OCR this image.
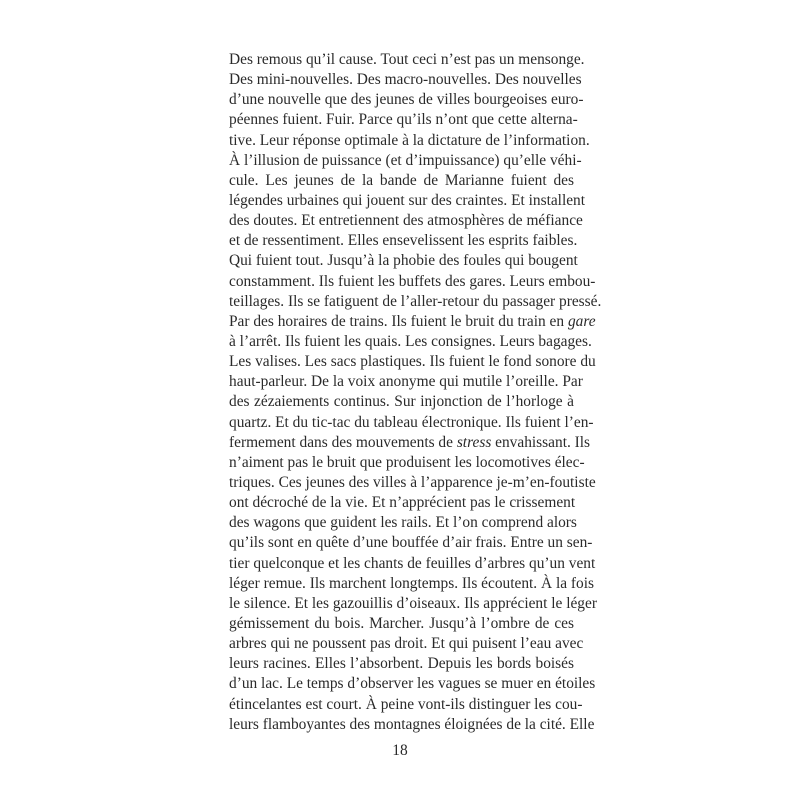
Des remous qu’il cause. Tout ceci n’est pas un mensonge.
Des mini-nouvelles. Des macro-nouvelles. Des nouvelles
d’une nouvelle que des jeunes de villes bourgeoises euro-
péennes fuient. Fuir. Parce qu’ils n’ont que cette alterna-
tive. Leur réponse optimale à la dictature de l’information.
À l’illusion de puissance (et d’impuissance) qu’elle véhi-
cule. Les jeunes de la bande de Marianne fuient des
légendes urbaines qui jouent sur des craintes. Et installent
des doutes. Et entretiennent des atmosphères de méfiance
et de ressentiment. Elles ensevelissent les esprits faibles.
Qui fuient tout. Jusqu’à la phobie des foules qui bougent
constamment. Ils fuient les buffets des gares. Leurs embou-
teillages. Ils se fatiguent de l’aller-retour du passager pressé.
Par des horaires de trains. Ils fuient le bruit du train en gare
à l’arrêt. Ils fuient les quais. Les consignes. Leurs bagages.
Les valises. Les sacs plastiques. Ils fuient le fond sonore du
haut-parleur. De la voix anonyme qui mutile l’oreille. Par
des zézaiements continus. Sur injonction de l’horloge à
quartz. Et du tic-tac du tableau électronique. Ils fuient l’en-
fermement dans des mouvements de stress envahissant. Ils
n’aiment pas le bruit que produisent les locomotives élec-
triques. Ces jeunes des villes à l’apparence je-m’en-foutiste
ont décroché de la vie. Et n’apprécient pas le crissement
des wagons que guident les rails. Et l’on comprend alors
qu’ils sont en quête d’une bouffée d’air frais. Entre un sen-
tier quelconque et les chants de feuilles d’arbres qu’un vent
léger remue. Ils marchent longtemps. Ils écoutent. À la fois
le silence. Et les gazouillis d’oiseaux. Ils apprécient le léger
gémissement du bois. Marcher. Jusqu’à l’ombre de ces
arbres qui ne poussent pas droit. Et qui puisent l’eau avec
leurs racines. Elles l’absorbent. Depuis les bords boisés
d’un lac. Le temps d’observer les vagues se muer en étoiles
étincelantes est court. À peine vont-ils distinguer les cou-
leurs flamboyantes des montagnes éloignées de la cité. Elle
18
